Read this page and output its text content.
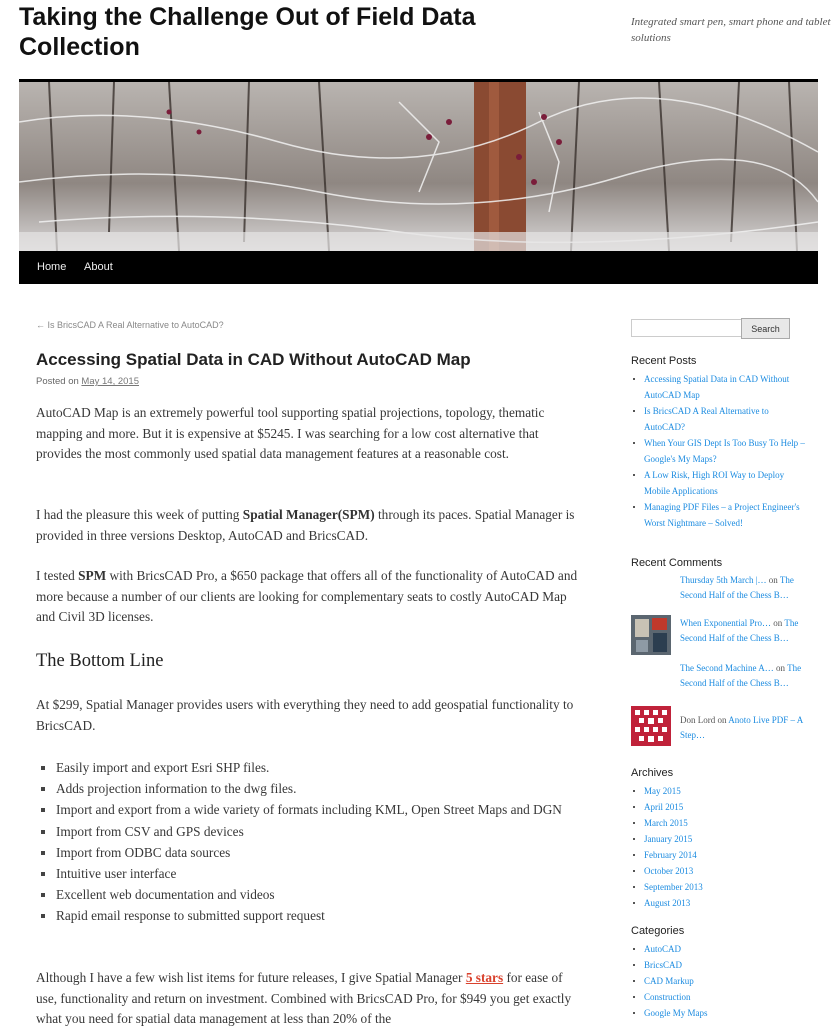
Taking the Challenge Out of Field Data Collection
Integrated smart pen, smart phone and tablet solutions
Home About
← Is BricsCAD A Real Alternative to AutoCAD?
Accessing Spatial Data in CAD Without AutoCAD Map
Posted on May 14, 2015

AutoCAD Map is an extremely powerful tool supporting spatial projections, topology, thematic mapping and more. But it is expensive at $5245. I was searching for a low cost alternative that provides the most commonly used spatial data management features at a reasonable cost.

I had the pleasure this week of putting Spatial Manager(SPM) through its paces. Spatial Manager is provided in three versions Desktop, AutoCAD and BricsCAD.

I tested SPM with BricsCAD Pro, a $650 package that offers all of the functionality of AutoCAD and more because a number of our clients are looking for complementary seats to costly AutoCAD Map and Civil 3D licenses.

The Bottom Line

At $299, Spatial Manager provides users with everything they need to add geospatial functionality to BricsCAD.

Easily import and export Esri SHP files.
Adds projection information to the dwg files.
Import and export from a wide variety of formats including KML, Open Street Maps and DGN
Import from CSV and GPS devices
Import from ODBC data sources
Intuitive user interface
Excellent web documentation and videos
Rapid email response to submitted support request

Although I have a few wish list items for future releases, I give Spatial Manager 5 stars for ease of use, functionality and return on investment. Combined with BricsCAD Pro, for $949 you get exactly what you need for spatial data management at less than 20% of the

Search
Recent Posts
Accessing Spatial Data in CAD Without AutoCAD Map
Is BricsCAD A Real Alternative to AutoCAD?
When Your GIS Dept Is Too Busy To Help – Google's My Maps?
A Low Risk, High ROI Way to Deploy Mobile Applications
Managing PDF Files – a Project Engineer's Worst Nightmare – Solved!
Recent Comments
Thursday 5th March |… on The Second Half of the Chess B…
When Exponential Pro… on The Second Half of the Chess B…
The Second Machine A… on The Second Half of the Chess B…
Don Lord on Anoto Live PDF – A Step…
Archives
May 2015
April 2015
March 2015
January 2015
February 2014
October 2013
September 2013
August 2013
Categories
AutoCAD
BricsCAD
CAD Markup
Construction
Google My Maps
